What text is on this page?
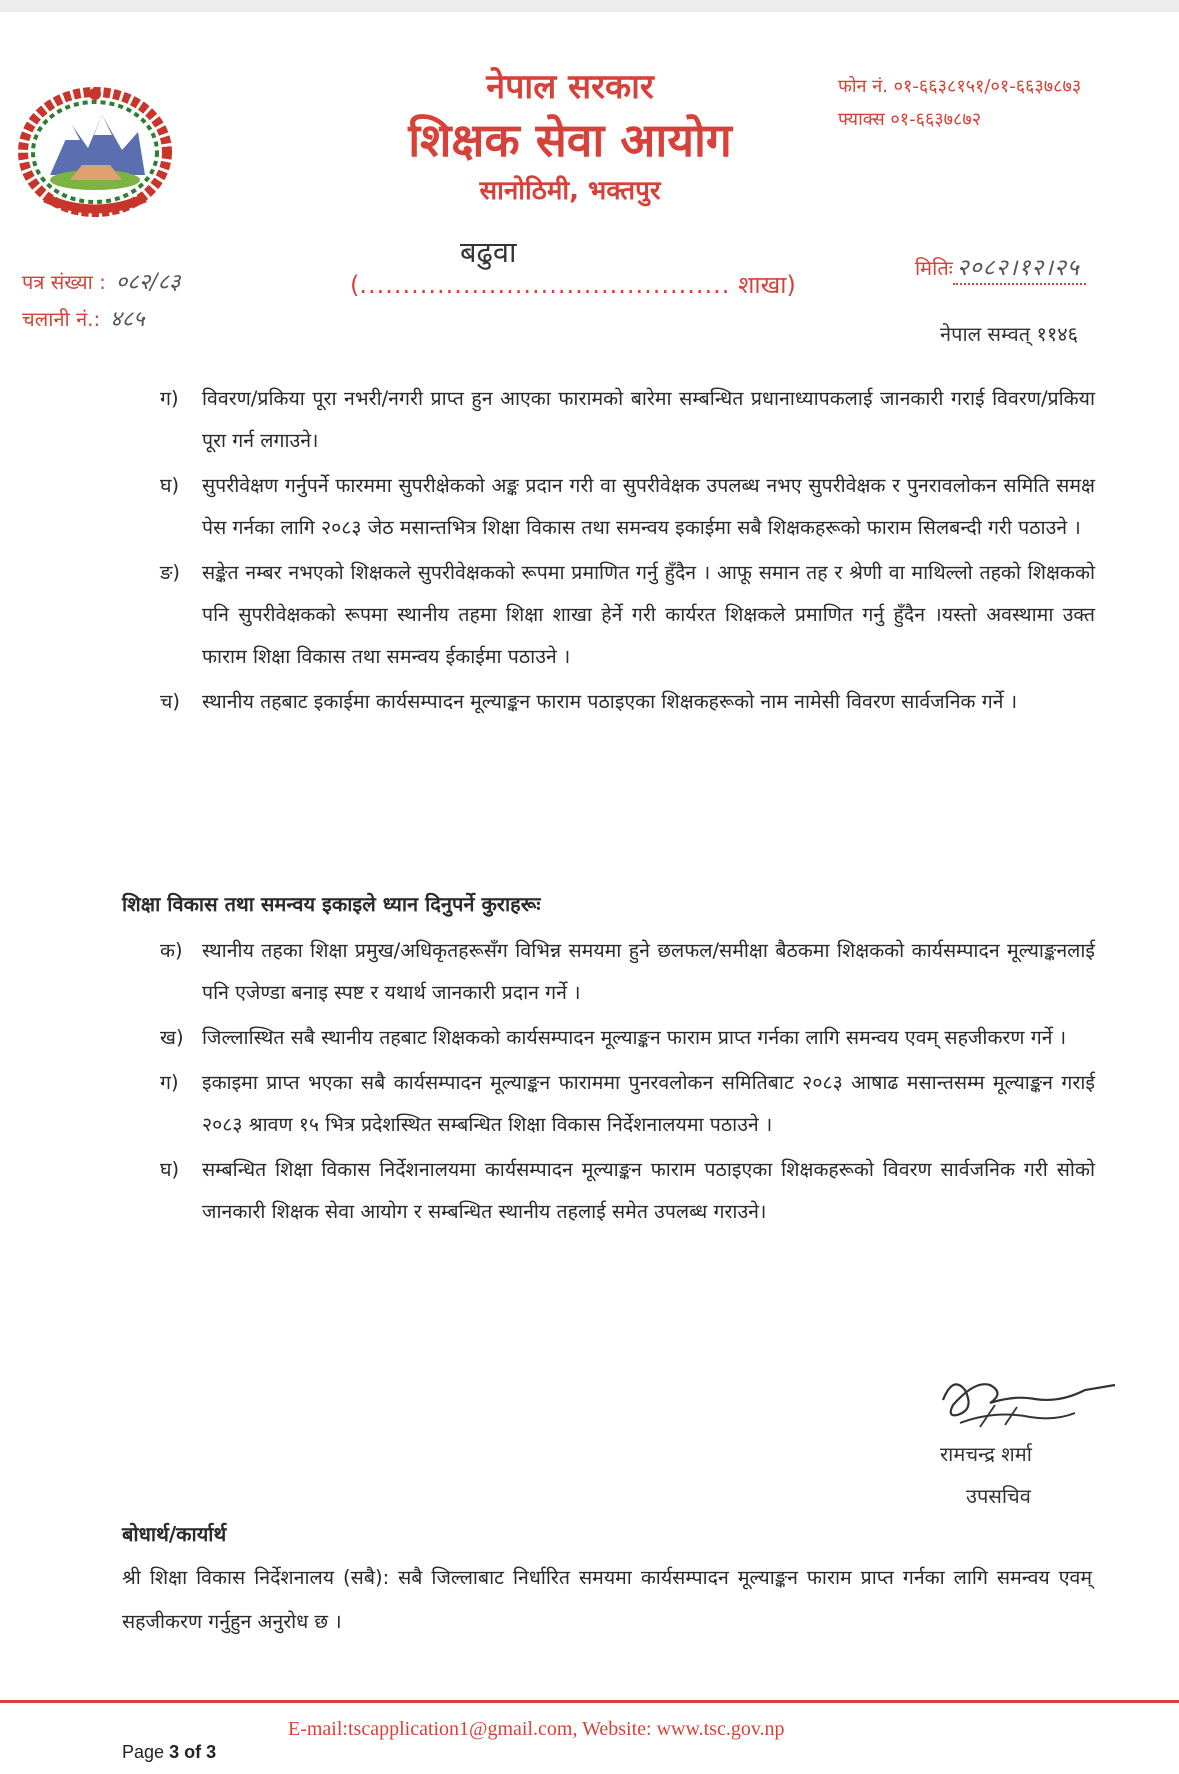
नेपाल सरकार
शिक्षक सेवा आयोग
सानोठिमी, भक्तपुर
फोन नं. ०१-६६३८१५१/०१-६६३७८७३
फ्याक्स ०१-६६३७८७२
बढुवा
(........................................... शाखा)
पत्र संख्या : ०८२/८३
चलानी नं.: ४८५
मितिः २०८२।१२।२५
नेपाल सम्वत् ११४६
ग)	विवरण/प्रकिया पूरा नभरी/नगरी प्राप्त हुन आएका फारामको बारेमा सम्बन्धित प्रधानाध्यापकलाई जानकारी गराई विवरण/प्रकिया पूरा गर्न लगाउने।
घ)	सुपरीवेक्षण गर्नुपर्ने फारममा सुपरीक्षेकको अङ्क प्रदान गरी वा सुपरीवेक्षक उपलब्ध नभए सुपरीवेक्षक र पुनरावलोकन समिति समक्ष पेस गर्नका लागि २०८३ जेठ मसान्तभित्र शिक्षा विकास तथा समन्वय इकाईमा सबै शिक्षकहरूको फाराम सिलबन्दी गरी पठाउने ।
ङ)	सङ्केत नम्बर नभएको शिक्षकले सुपरीवेक्षकको रूपमा प्रमाणित गर्नु हुँदैन । आफू समान तह र श्रेणी वा माथिल्लो तहको शिक्षकको पनि सुपरीवेक्षकको रूपमा स्थानीय तहमा शिक्षा शाखा हेर्ने गरी कार्यरत शिक्षकले प्रमाणित गर्नु हुँदैन ।यस्तो अवस्थामा उक्त फाराम शिक्षा विकास तथा समन्वय ईकाईमा पठाउने ।
च)	स्थानीय तहबाट इकाईमा कार्यसम्पादन मूल्याङ्कन फाराम पठाइएका शिक्षकहरूको नाम नामेसी विवरण सार्वजनिक गर्ने ।
शिक्षा विकास तथा समन्वय इकाइले ध्यान दिनुपर्ने कुराहरूः
क) स्थानीय तहका शिक्षा प्रमुख/अधिकृतहरूसँग विभिन्न समयमा हुने छलफल/समीक्षा बैठकमा शिक्षकको कार्यसम्पादन मूल्याङ्कनलाई पनि एजेण्डा बनाइ स्पष्ट र यथार्थ जानकारी प्रदान गर्ने ।
ख) जिल्लास्थित सबै स्थानीय तहबाट शिक्षकको कार्यसम्पादन मूल्याङ्कन फाराम प्राप्त गर्नका लागि समन्वय एवम् सहजीकरण गर्ने ।
ग)	इकाइमा प्राप्त भएका सबै कार्यसम्पादन मूल्याङ्कन फाराममा पुनरवलोकन समितिबाट २०८३ आषाढ मसान्तसम्म मूल्याङ्कन गराई २०८३ श्रावण १५ भित्र प्रदेशस्थित सम्बन्धित शिक्षा विकास निर्देशनालयमा पठाउने ।
घ)	सम्बन्धित शिक्षा विकास निर्देशनालयमा कार्यसम्पादन मूल्याङ्कन फाराम पठाइएका शिक्षकहरूको विवरण सार्वजनिक गरी सोको जानकारी शिक्षक सेवा आयोग र सम्बन्धित स्थानीय तहलाई समेत उपलब्ध गराउने।
रामचन्द्र शर्मा
उपसचिव
बोधार्थ/कार्यार्थ
श्री शिक्षा विकास निर्देशनालय (सबै): सबै जिल्लाबाट निर्धारित समयमा कार्यसम्पादन मूल्याङ्कन फाराम प्राप्त गर्नका लागि समन्वय एवम् सहजीकरण गर्नुहुन अनुरोध छ ।
E-mail:tscapplication1@gmail.com, Website: www.tsc.gov.np
Page 3 of 3
